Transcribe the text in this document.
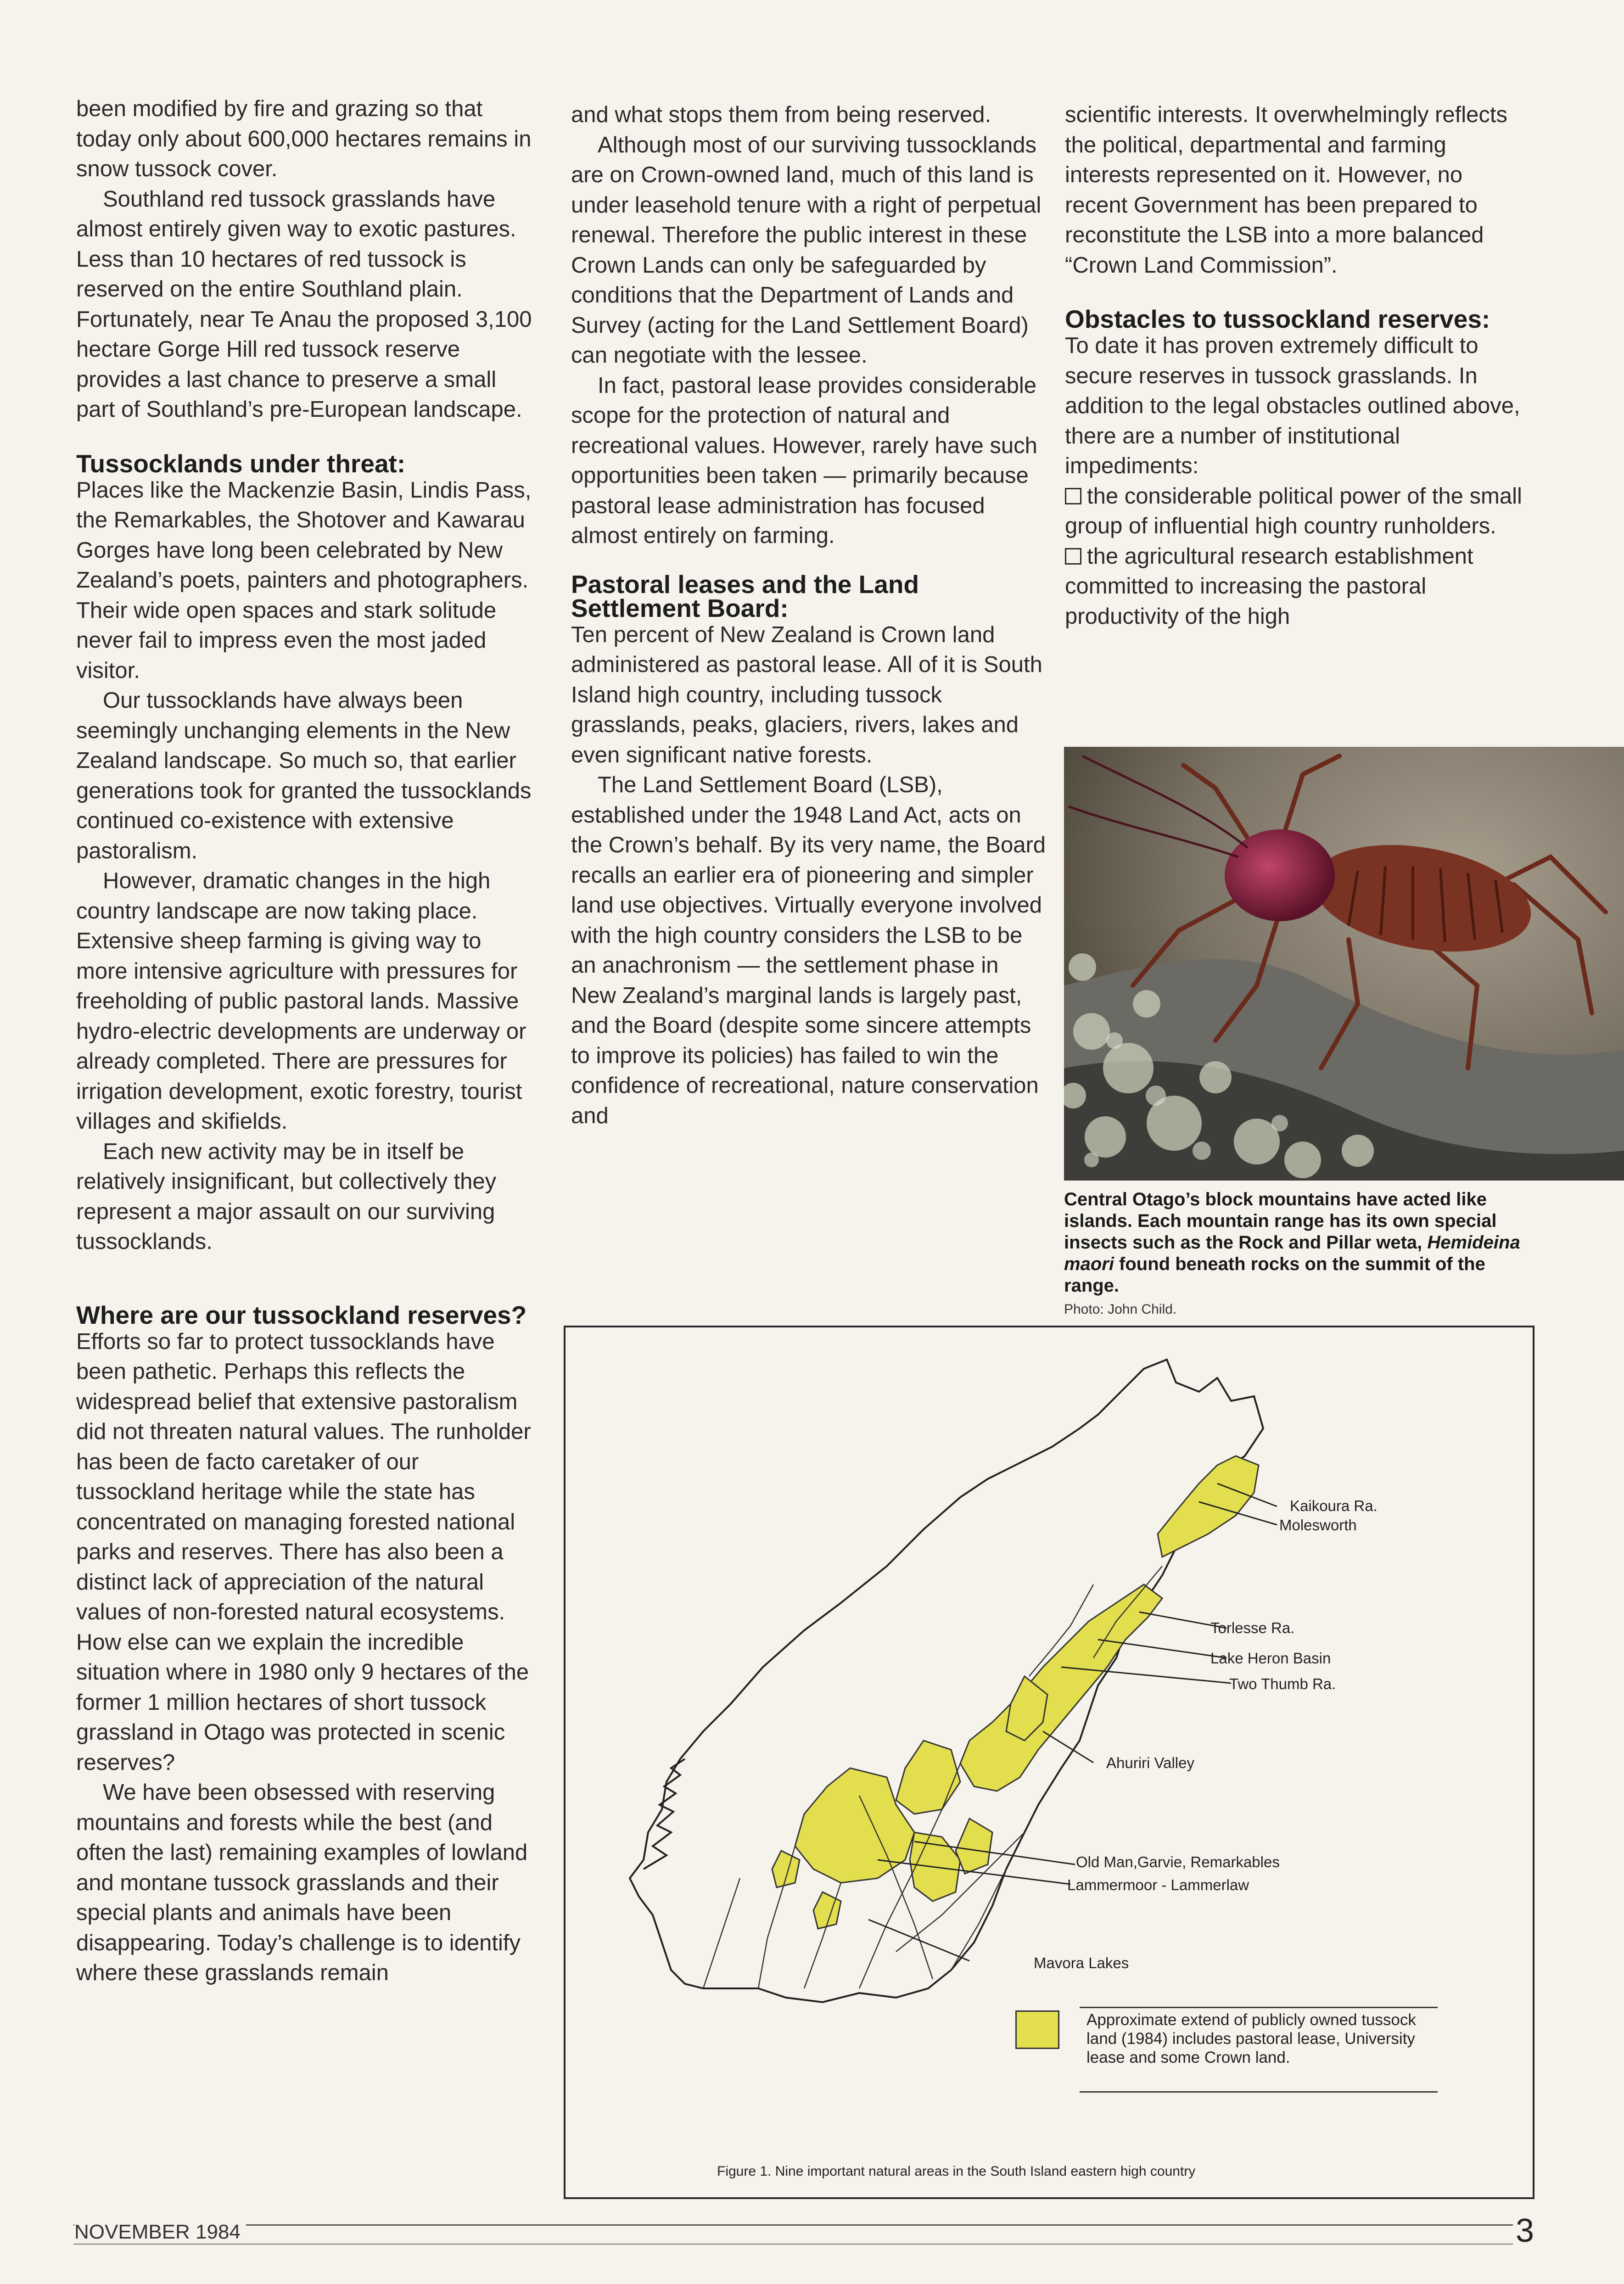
been modified by fire and grazing so that today only about 600,000 hectares remains in snow tussock cover.

Southland red tussock grasslands have almost entirely given way to exotic pastures. Less than 10 hectares of red tussock is reserved on the entire Southland plain. Fortunately, near Te Anau the proposed 3,100 hectare Gorge Hill red tussock reserve provides a last chance to preserve a small part of Southland’s pre-European landscape.

Tussocklands under threat:

Places like the Mackenzie Basin, Lindis Pass, the Remarkables, the Shotover and Kawarau Gorges have long been celebrated by New Zealand’s poets, painters and photographers. Their wide open spaces and stark solitude never fail to impress even the most jaded visitor.

Our tussocklands have always been seemingly unchanging elements in the New Zealand landscape. So much so, that earlier generations took for granted the tussocklands continued co-existence with extensive pastoralism.

However, dramatic changes in the high country landscape are now taking place. Extensive sheep farming is giving way to more intensive agriculture with pressures for freeholding of public pastoral lands. Massive hydro-electric developments are underway or already completed. There are pressures for irrigation development, exotic forestry, tourist villages and skifields.

Each new activity may be in itself be relatively insignificant, but collectively they represent a major assault on our surviving tussocklands.

Where are our tussockland reserves?

Efforts so far to protect tussocklands have been pathetic. Perhaps this reflects the widespread belief that extensive pastoralism did not threaten natural values. The runholder has been de facto caretaker of our tussockland heritage while the state has concentrated on managing forested national parks and reserves. There has also been a distinct lack of appreciation of the natural values of non-forested natural ecosystems. How else can we explain the incredible situation where in 1980 only 9 hectares of the former 1 million hectares of short tussock grassland in Otago was protected in scenic reserves?

We have been obsessed with reserving mountains and forests while the best (and often the last) remaining examples of lowland and montane tussock grasslands and their special plants and animals have been disappearing. Today’s challenge is to identify where these grasslands remain

and what stops them from being reserved.

Although most of our surviving tussocklands are on Crown-owned land, much of this land is under leasehold tenure with a right of perpetual renewal. Therefore the public interest in these Crown Lands can only be safeguarded by conditions that the Department of Lands and Survey (acting for the Land Settlement Board) can negotiate with the lessee.

In fact, pastoral lease provides considerable scope for the protection of natural and recreational values. However, rarely have such opportunities been taken — primarily because pastoral lease administration has focused almost entirely on farming.

Pastoral leases and the Land Settlement Board:

Ten percent of New Zealand is Crown land administered as pastoral lease. All of it is South Island high country, including tussock grasslands, peaks, glaciers, rivers, lakes and even significant native forests.

The Land Settlement Board (LSB), established under the 1948 Land Act, acts on the Crown’s behalf. By its very name, the Board recalls an earlier era of pioneering and simpler land use objectives. Virtually everyone involved with the high country considers the LSB to be an anachronism — the settlement phase in New Zealand’s marginal lands is largely past, and the Board (despite some sincere attempts to improve its policies) has failed to win the confidence of recreational, nature conservation and

scientific interests. It overwhelmingly reflects the political, departmental and farming interests represented on it. However, no recent Government has been prepared to reconstitute the LSB into a more balanced “Crown Land Commission”.

Obstacles to tussockland reserves:

To date it has proven extremely difficult to secure reserves in tussock grasslands. In addition to the legal obstacles outlined above, there are a number of institutional impediments:

the considerable political power of the small group of influential high country runholders.

the agricultural research establishment committed to increasing the pastoral productivity of the high

Central Otago’s block mountains have acted like islands. Each mountain range has its own special insects such as the Rock and Pillar weta, Hemideina maori found beneath rocks on the summit of the range.
Photo: John Child.
Kaikoura Ra.
Molesworth
Torlesse Ra.
Lake Heron Basin
Two Thumb Ra.
Ahuriri Valley
Old Man,Garvie, Remarkables
Lammermoor - Lammerlaw
Mavora Lakes
Approximate extend of publicly owned tussock land (1984) includes pastoral lease, University lease and some Crown land.
Figure 1. Nine important natural areas in the South Island eastern high country
NOVEMBER 1984	3
